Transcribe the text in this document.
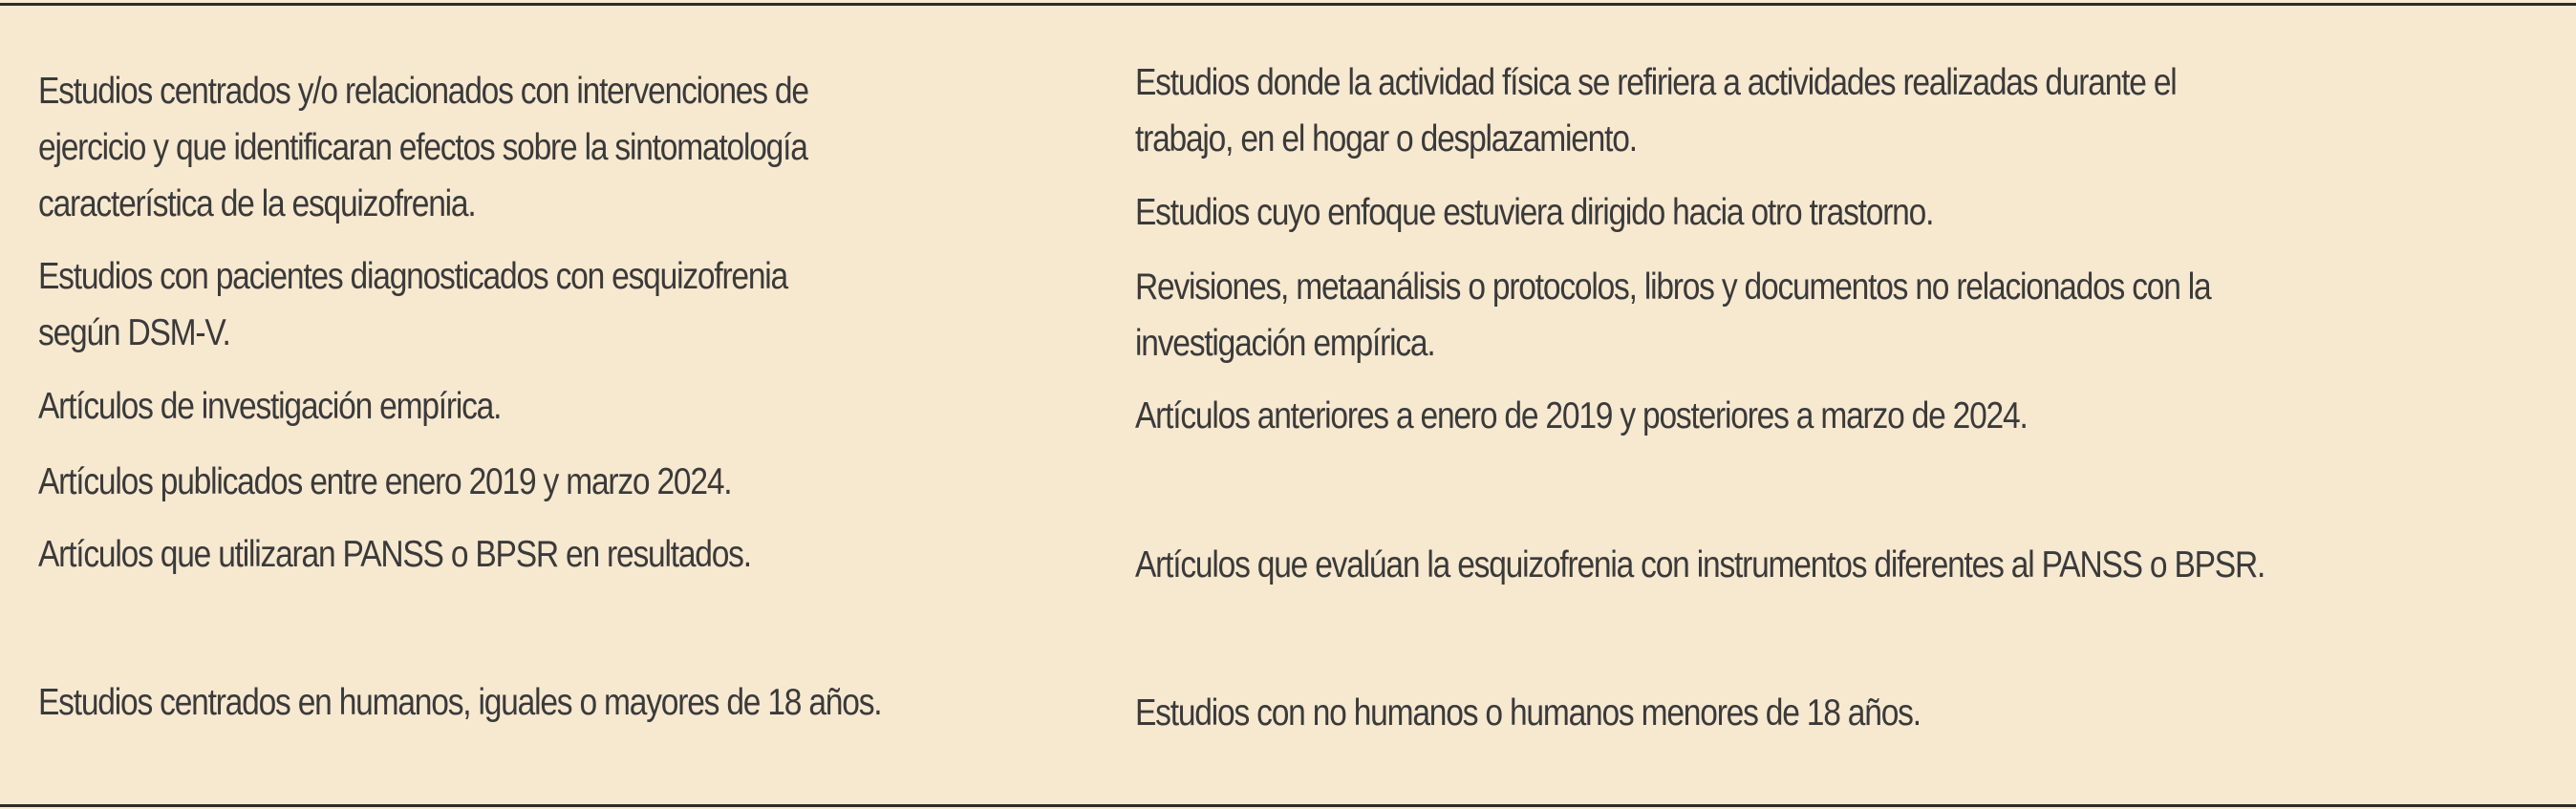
Estudios centrados y/o relacionados con intervenciones de
ejercicio y que identificaran efectos sobre la sintomatología
característica de la esquizofrenia.
Estudios con pacientes diagnosticados con esquizofrenia
según DSM-V.
Artículos de investigación empírica.
Artículos publicados entre enero 2019 y marzo 2024.
Artículos que utilizaran PANSS o BPSR en resultados.
Estudios centrados en humanos, iguales o mayores de 18 años.
Estudios donde la actividad física se refiriera a actividades realizadas durante el
trabajo, en el hogar o desplazamiento.
Estudios cuyo enfoque estuviera dirigido hacia otro trastorno.
Revisiones, metaanálisis o protocolos, libros y documentos no relacionados con la
investigación empírica.
Artículos anteriores a enero de 2019 y posteriores a marzo de 2024.
Artículos que evalúan la esquizofrenia con instrumentos diferentes al PANSS o BPSR.
Estudios con no humanos o humanos menores de 18 años.
